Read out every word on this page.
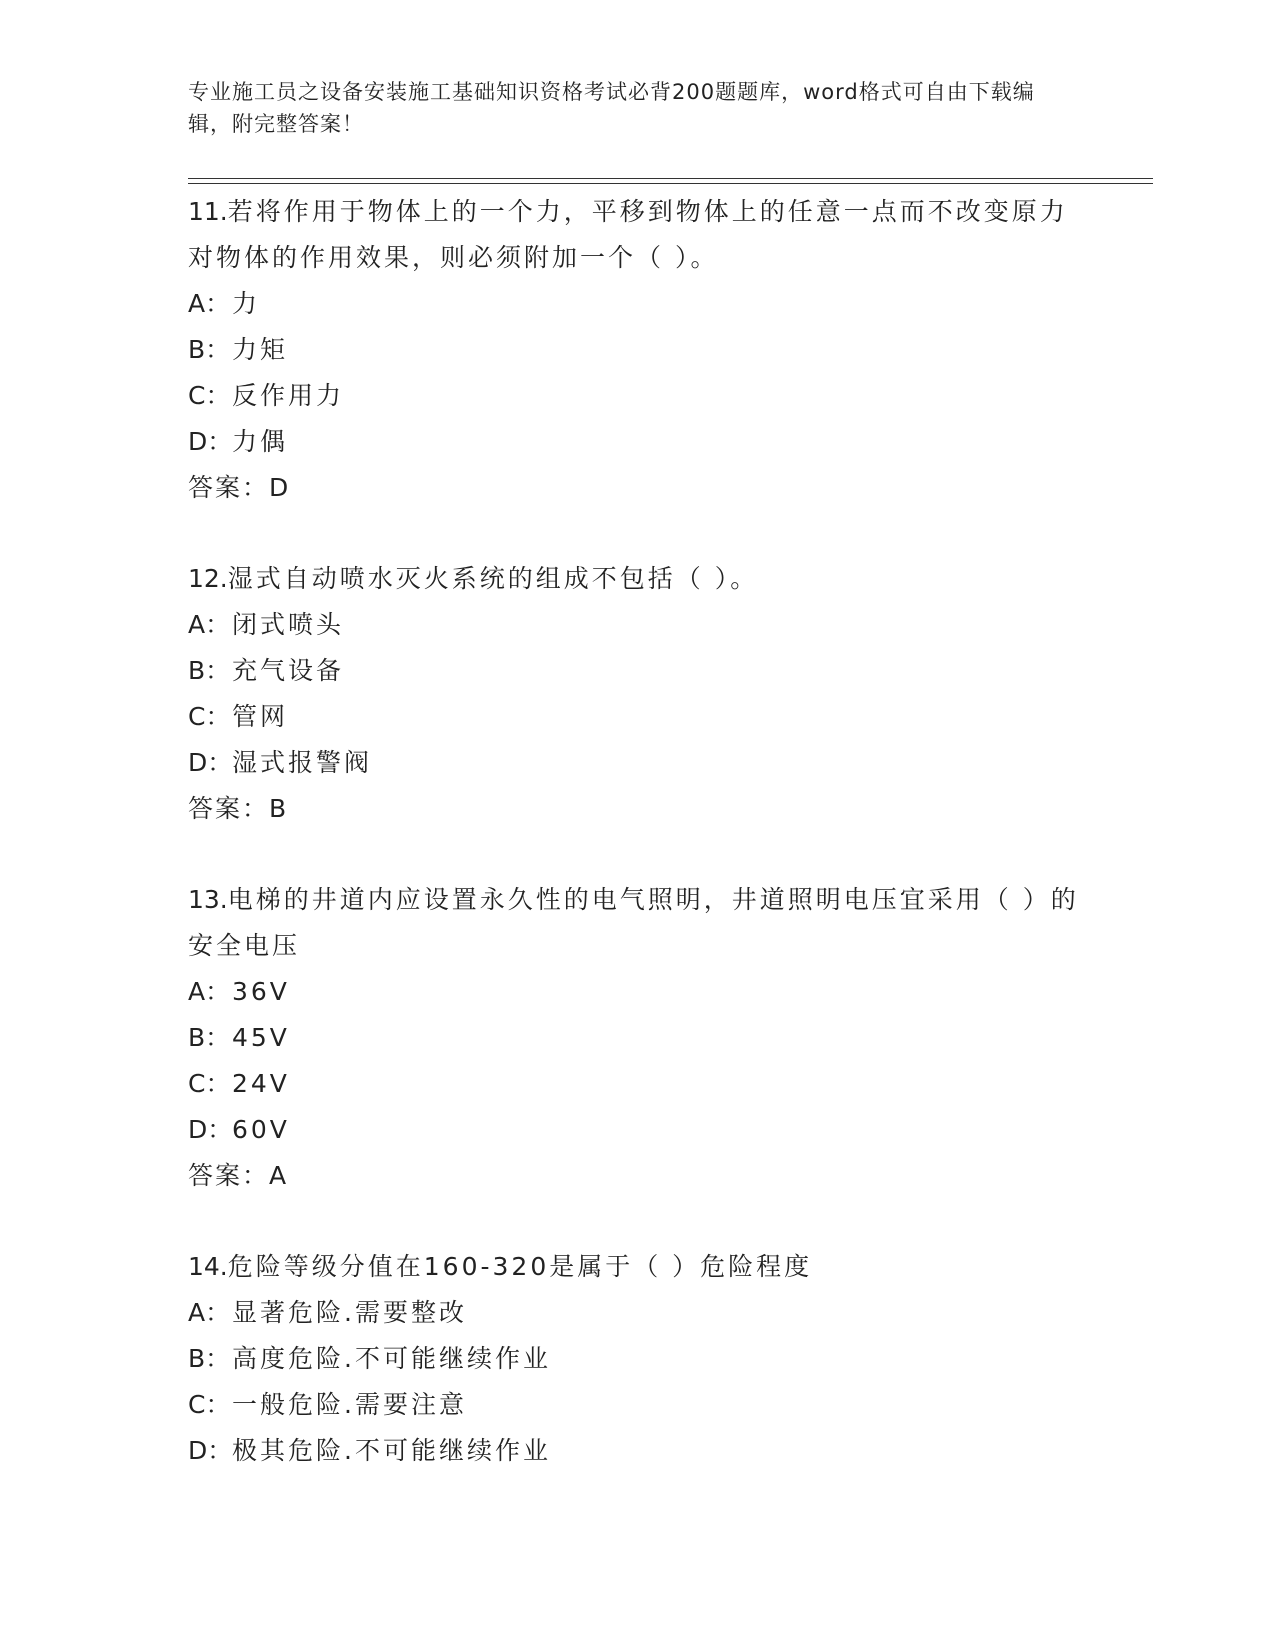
专业施工员之设备安装施工基础知识资格考试必背200题题库，word格式可自由下载编辑，附完整答案！
11.若将作用于物体上的一个力，平移到物体上的任意一点而不改变原力对物体的作用效果，则必须附加一个（ ）。
A： 力
B： 力矩
C： 反作用力
D： 力偶
答案：D
12.湿式自动喷水灭火系统的组成不包括（ ）。
A： 闭式喷头
B： 充气设备
C： 管网
D： 湿式报警阀
答案：B
13.电梯的井道内应设置永久性的电气照明，井道照明电压宜采用（ ）的安全电压
A： 36V
B： 45V
C： 24V
D： 60V
答案：A
14.危险等级分值在160-320是属于（ ）危险程度
A： 显著危险.需要整改
B： 高度危险.不可能继续作业
C： 一般危险.需要注意
D： 极其危险.不可能继续作业
